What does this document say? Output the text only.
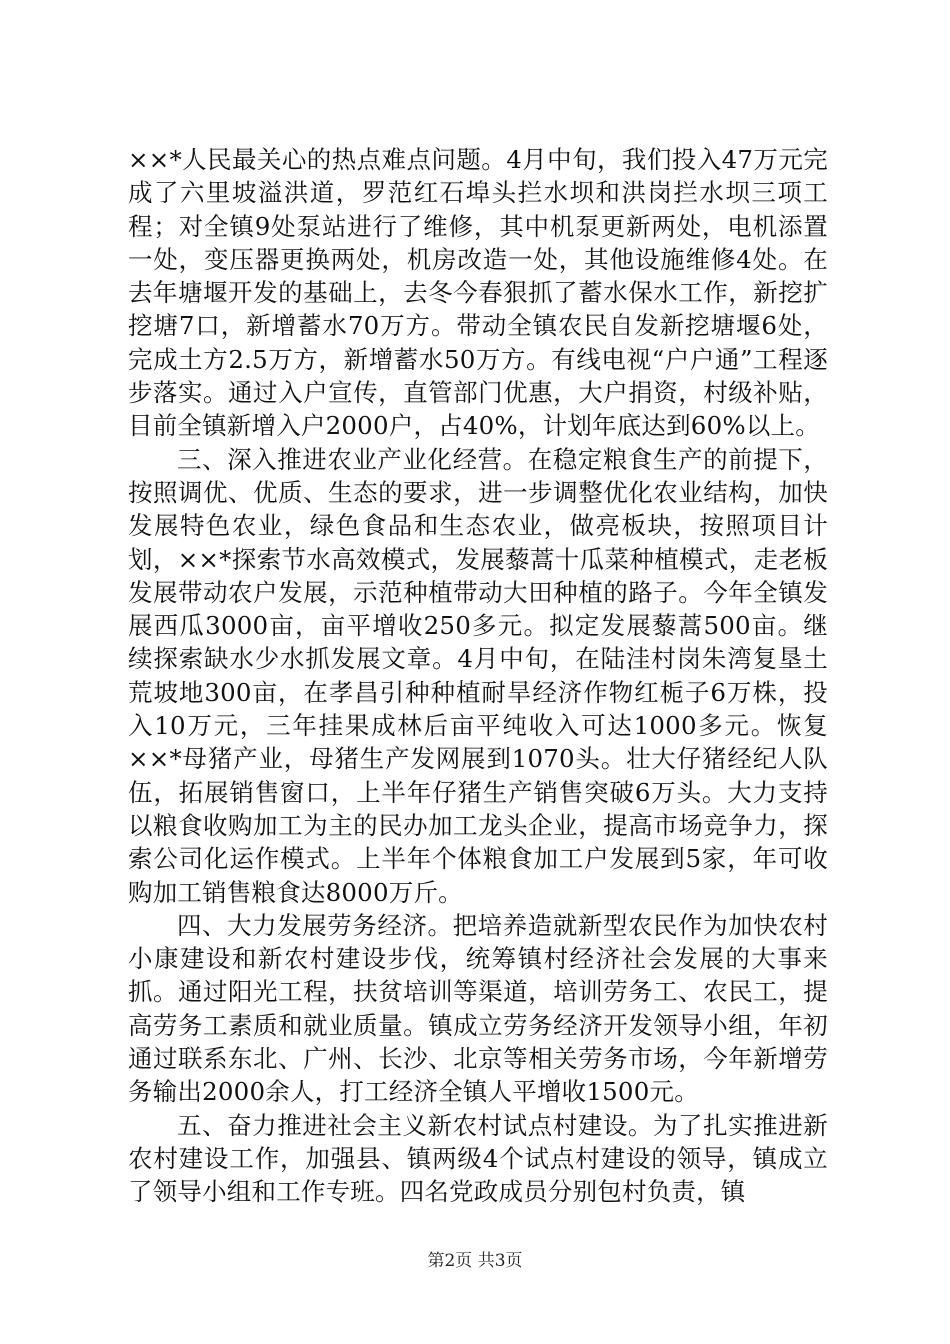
××*人民最关心的热点难点问题。4月中旬，我们投入47万元完成了六里坡溢洪道，罗范红石埠头拦水坝和洪岗拦水坝三项工程；对全镇9处泵站进行了维修，其中机泵更新两处，电机添置一处，变压器更换两处，机房改造一处，其他设施维修4处。在去年塘堰开发的基础上，去冬今春狠抓了蓄水保水工作，新挖扩挖塘7口，新增蓄水70万方。带动全镇农民自发新挖塘堰6处，完成土方2.5万方，新增蓄水50万方。有线电视“户户通”工程逐步落实。通过入户宣传，直管部门优惠，大户捐资，村级补贴，目前全镇新增入户2000户，占40%，计划年底达到60%以上。

三、深入推进农业产业化经营。在稳定粮食生产的前提下，按照调优、优质、生态的要求，进一步调整优化农业结构，加快发展特色农业，绿色食品和生态农业，做亮板块，按照项目计划，××*探索节水高效模式，发展藜蒿十瓜菜种植模式，走老板发展带动农户发展，示范种植带动大田种植的路子。今年全镇发展西瓜3000亩，亩平增收250多元。拟定发展藜蒿500亩。继续探索缺水少水抓发展文章。4月中旬，在陆洼村岗朱湾复垦土荒坡地300亩，在孝昌引种种植耐旱经济作物红栀子6万株，投入10万元，三年挂果成林后亩平纯收入可达1000多元。恢复××*母猪产业，母猪生产发网展到1070头。壮大仔猪经纪人队伍，拓展销售窗口，上半年仔猪生产销售突破6万头。大力支持以粮食收购加工为主的民办加工龙头企业，提高市场竞争力，探索公司化运作模式。上半年个体粮食加工户发展到5家，年可收购加工销售粮食达8000万斤。

四、大力发展劳务经济。把培养造就新型农民作为加快农村小康建设和新农村建设步伐，统筹镇村经济社会发展的大事来抓。通过阳光工程，扶贫培训等渠道，培训劳务工、农民工，提高劳务工素质和就业质量。镇成立劳务经济开发领导小组，年初通过联系东北、广州、长沙、北京等相关劳务市场，今年新增劳务输出2000余人，打工经济全镇人平增收1500元。

五、奋力推进社会主义新农村试点村建设。为了扎实推进新农村建设工作，加强县、镇两级4个试点村建设的领导，镇成立了领导小组和工作专班。四名党政成员分别包村负责，镇

第2页 共3页
